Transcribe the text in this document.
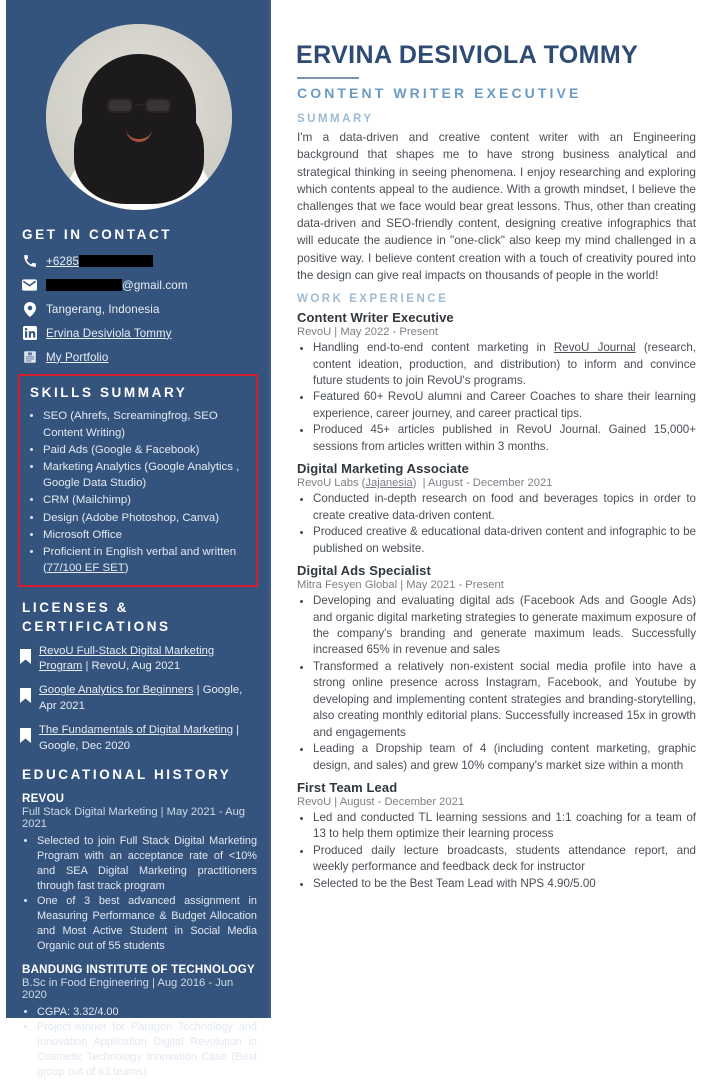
GET IN CONTACT
+6285
@gmail.com
Tangerang, Indonesia
Ervina Desiviola Tommy
My Portfolio
SKILLS SUMMARY
• SEO (Ahrefs, Screamingfrog, SEO Content Writing)
• Paid Ads (Google & Facebook)
• Marketing Analytics (Google Analytics , Google Data Studio)
• CRM (Mailchimp)
• Design (Adobe Photoshop, Canva)
• Microsoft Office
• Proficient in English verbal and written (77/100 EF SET)
LICENSES & CERTIFICATIONS
RevoU Full-Stack Digital Marketing Program | RevoU, Aug 2021
Google Analytics for Beginners | Google, Apr 2021
The Fundamentals of Digital Marketing | Google, Dec 2020
EDUCATIONAL HISTORY
REVOU
Full Stack Digital Marketing | May 2021 - Aug 2021
• Selected to join Full Stack Digital Marketing Program with an acceptance rate of <10% and SEA Digital Marketing practitioners through fast track program
• One of 3 best advanced assignment in Measuring Performance & Budget Allocation and Most Active Student in Social Media Organic out of 55 students
BANDUNG INSTITUTE OF TECHNOLOGY
B.Sc in Food Engineering | Aug 2016 - Jun 2020
• CGPA: 3.32/4.00
• Project-winner for Paragon Technology and Innovation Application Digital Revolution in Cosmetic Technology Innovation Case (Best group out of 63 teams)
ERVINA DESIVIOLA TOMMY
CONTENT WRITER EXECUTIVE
SUMMARY

I'm a data-driven and creative content writer with an Engineering background that shapes me to have strong business analytical and strategical thinking in seeing phenomena. I enjoy researching and exploring which contents appeal to the audience. With a growth mindset, I believe the challenges that we face would bear great lessons. Thus, other than creating data-driven and SEO-friendly content, designing creative infographics that will educate the audience in "one-click" also keep my mind challenged in a positive way. I believe content creation with a touch of creativity poured into the design can give real impacts on thousands of people in the world!

WORK EXPERIENCE
Content Writer Executive
RevoU | May 2022 - Present
• Handling end-to-end content marketing in RevoU Journal (research, content ideation, production, and distribution) to inform and convince future students to join RevoU's programs.
• Featured 60+ RevoU alumni and Career Coaches to share their learning experience, career journey, and career practical tips.
• Produced 45+ articles published in RevoU Journal. Gained 15,000+ sessions from articles written within 3 months.
Digital Marketing Associate
RevoU Labs (Jajanesia)  | August - December 2021
• Conducted in-depth research on food and beverages topics in order to create creative data-driven content.
• Produced creative & educational data-driven content and infographic to be published on website.
Digital Ads Specialist
Mitra Fesyen Global | May 2021 - Present
• Developing and evaluating digital ads (Facebook Ads and Google Ads) and organic digital marketing strategies to generate maximum exposure of the company's branding and generate maximum leads. Successfully increased 65% in revenue and sales
• Transformed a relatively non-existent social media profile into have a strong online presence across Instagram, Facebook, and Youtube by developing and implementing content strategies and branding-storytelling, also creating monthly editorial plans. Successfully increased 15x in growth and engagements
• Leading a Dropship team of 4 (including content marketing, graphic design, and sales) and grew 10% company's market size within a month
First Team Lead
RevoU | August - December 2021
• Led and conducted TL learning sessions and 1:1 coaching for a team of 13 to help them optimize their learning process
• Produced daily lecture broadcasts, students attendance report, and weekly performance and feedback deck for instructor
• Selected to be the Best Team Lead with NPS 4.90/5.00
